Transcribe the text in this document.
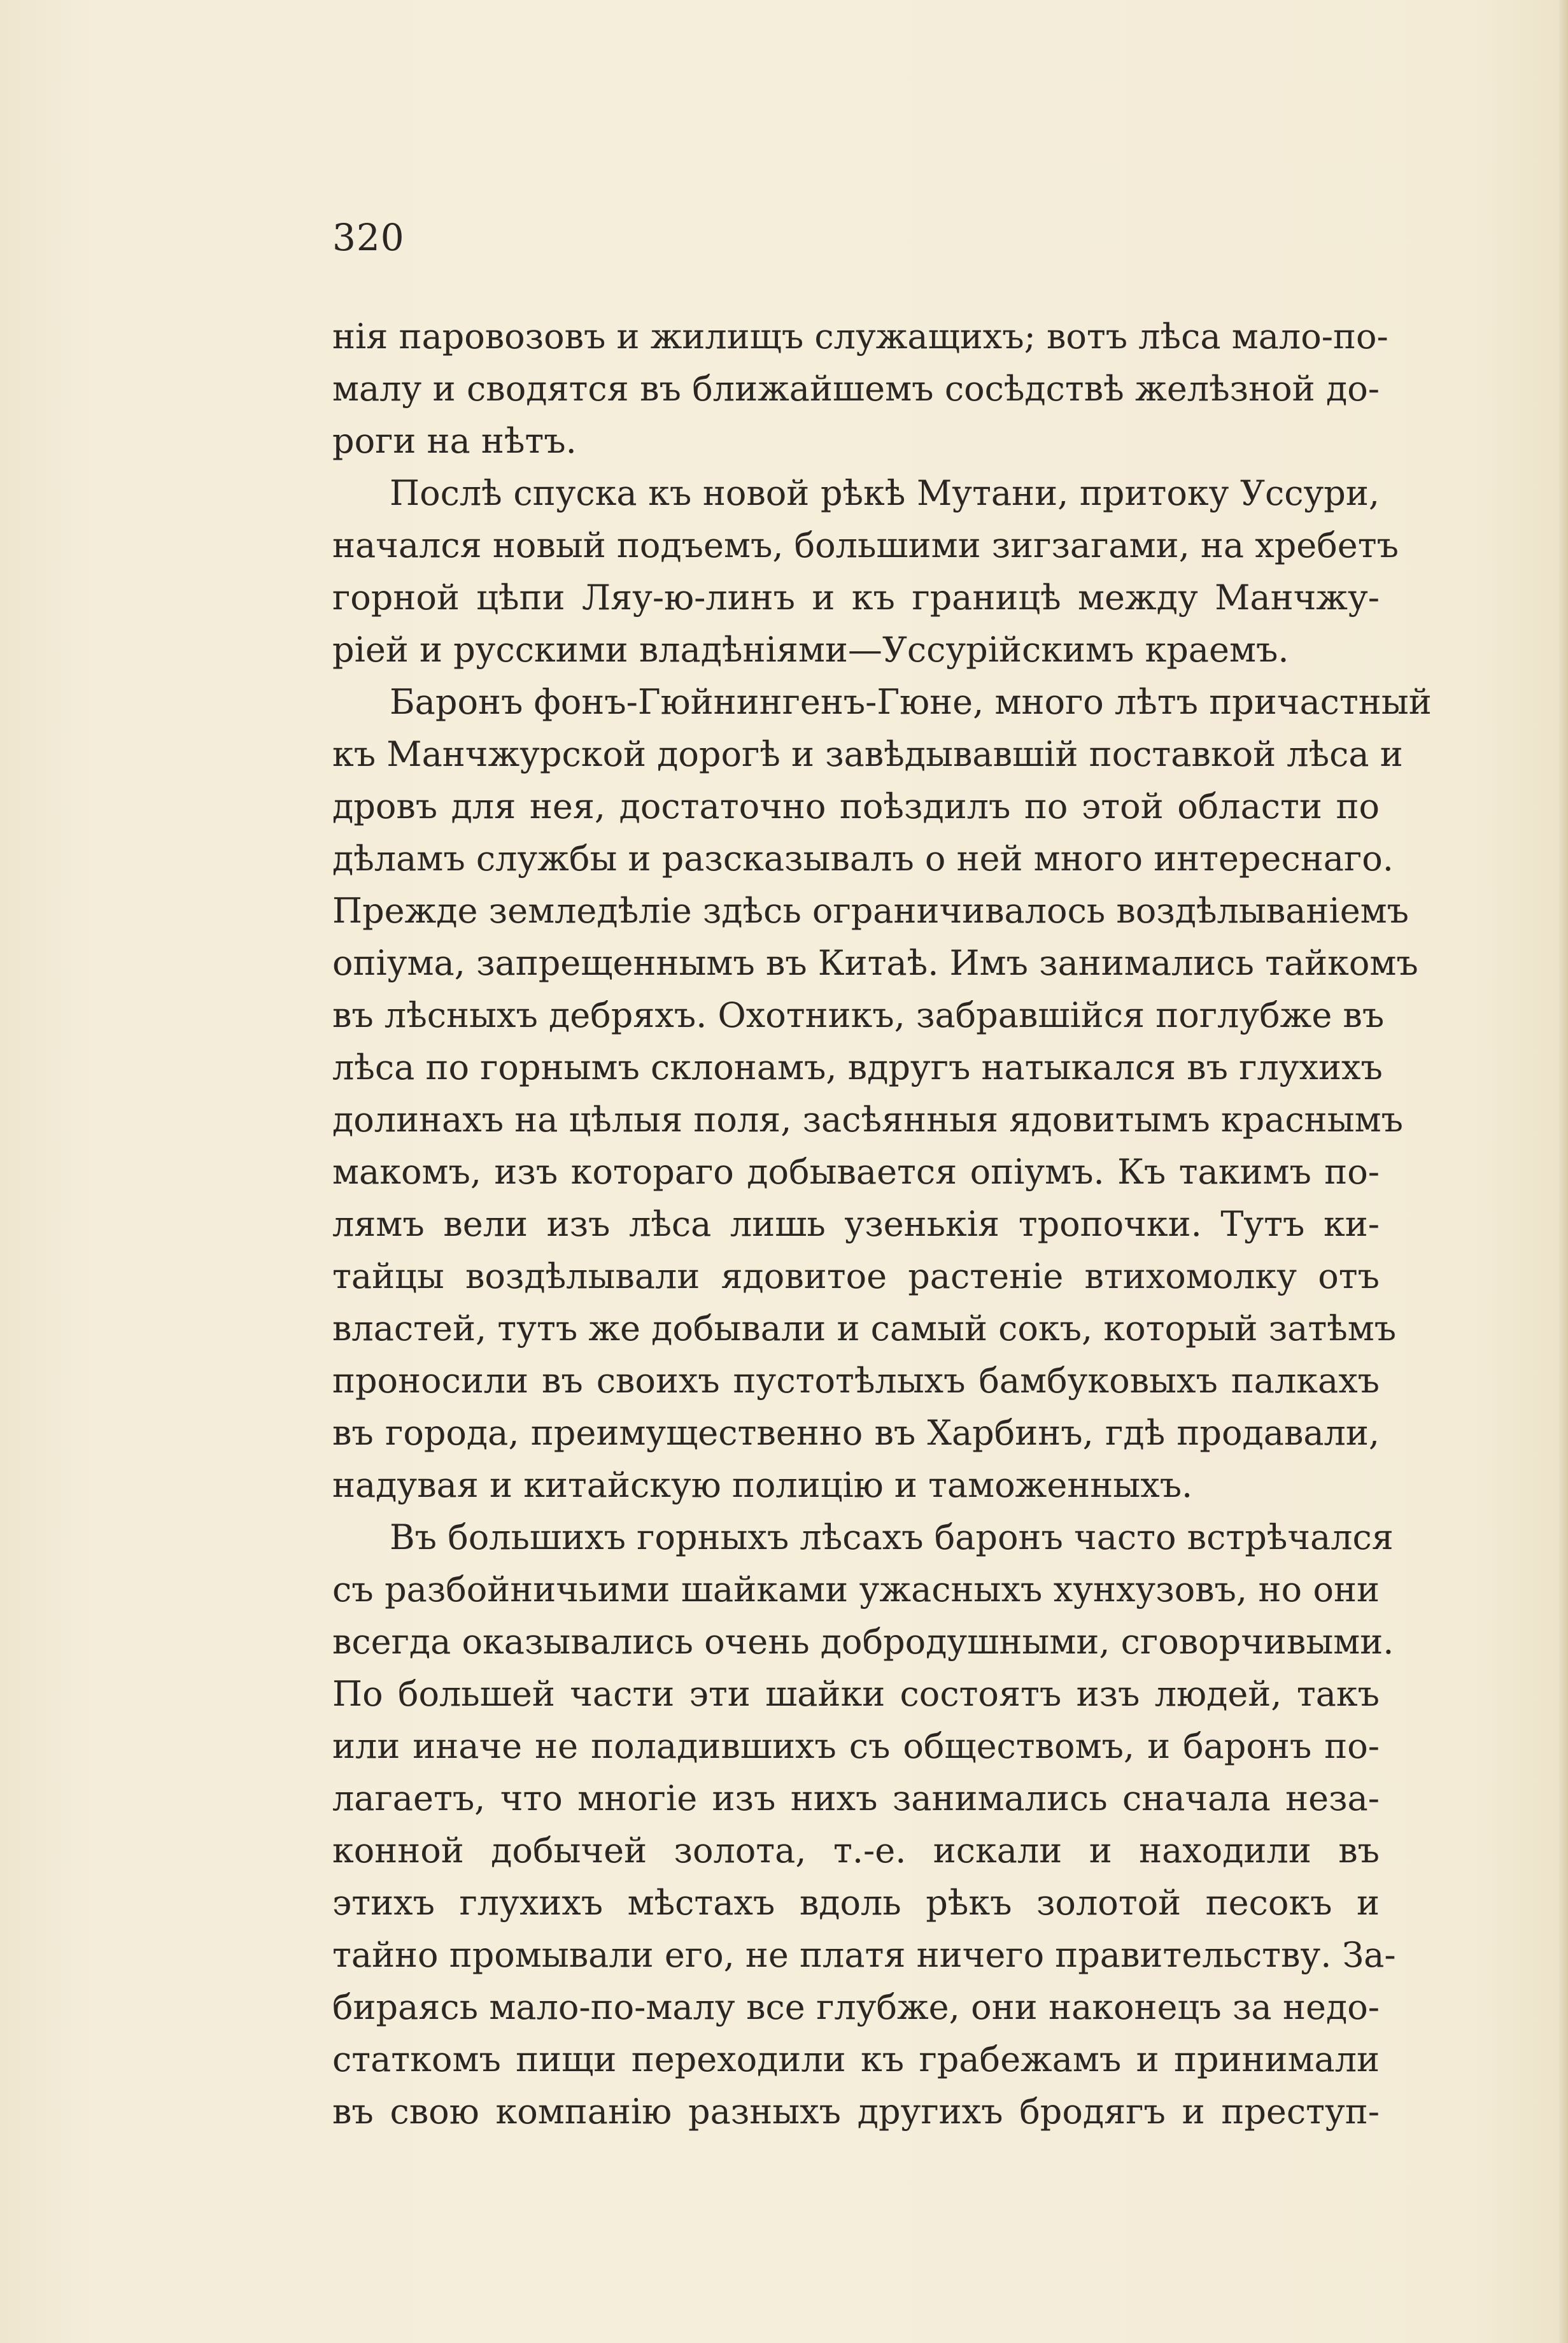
320
нія паровозовъ и жилищъ служащихъ; вотъ лѣса мало-по-
малу и сводятся въ ближайшемъ сосѣдствѣ желѣзной до-
роги на нѣтъ.
Послѣ спуска къ новой рѣкѣ Мутани, притоку Уссури,
начался новый подъемъ, большими зигзагами, на хребетъ
горной цѣпи Ляу-ю-линъ и къ границѣ между Манчжу-
ріей и русскими владѣніями—Уссурійскимъ краемъ.
Баронъ фонъ-Гюйнингенъ-Гюне, много лѣтъ причастный
къ Манчжурской дорогѣ и завѣдывавшій поставкой лѣса и
дровъ для нея, достаточно поѣздилъ по этой области по
дѣламъ службы и разсказывалъ о ней много интереснаго.
Прежде земледѣліе здѣсь ограничивалось воздѣлываніемъ
опіума, запрещеннымъ въ Китаѣ. Имъ занимались тайкомъ
въ лѣсныхъ дебряхъ. Охотникъ, забравшійся поглубже въ
лѣса по горнымъ склонамъ, вдругъ натыкался въ глухихъ
долинахъ на цѣлыя поля, засѣянныя ядовитымъ краснымъ
макомъ, изъ котораго добывается опіумъ. Къ такимъ по-
лямъ вели изъ лѣса лишь узенькія тропочки. Тутъ ки-
тайцы воздѣлывали ядовитое растеніе втихомолку отъ
властей, тутъ же добывали и самый сокъ, который затѣмъ
проносили въ своихъ пустотѣлыхъ бамбуковыхъ палкахъ
въ города, преимущественно въ Харбинъ, гдѣ продавали,
надувая и китайскую полицію и таможенныхъ.
Въ большихъ горныхъ лѣсахъ баронъ часто встрѣчался
съ разбойничьими шайками ужасныхъ хунхузовъ, но они
всегда оказывались очень добродушными, сговорчивыми.
По большей части эти шайки состоятъ изъ людей, такъ
или иначе не поладившихъ съ обществомъ, и баронъ по-
лагаетъ, что многіе изъ нихъ занимались сначала неза-
конной добычей золота, т.-е. искали и находили въ
этихъ глухихъ мѣстахъ вдоль рѣкъ золотой песокъ и
тайно промывали его, не платя ничего правительству. За-
бираясь мало-по-малу все глубже, они наконецъ за недо-
статкомъ пищи переходили къ грабежамъ и принимали
въ свою компанію разныхъ другихъ бродягъ и преступ-
